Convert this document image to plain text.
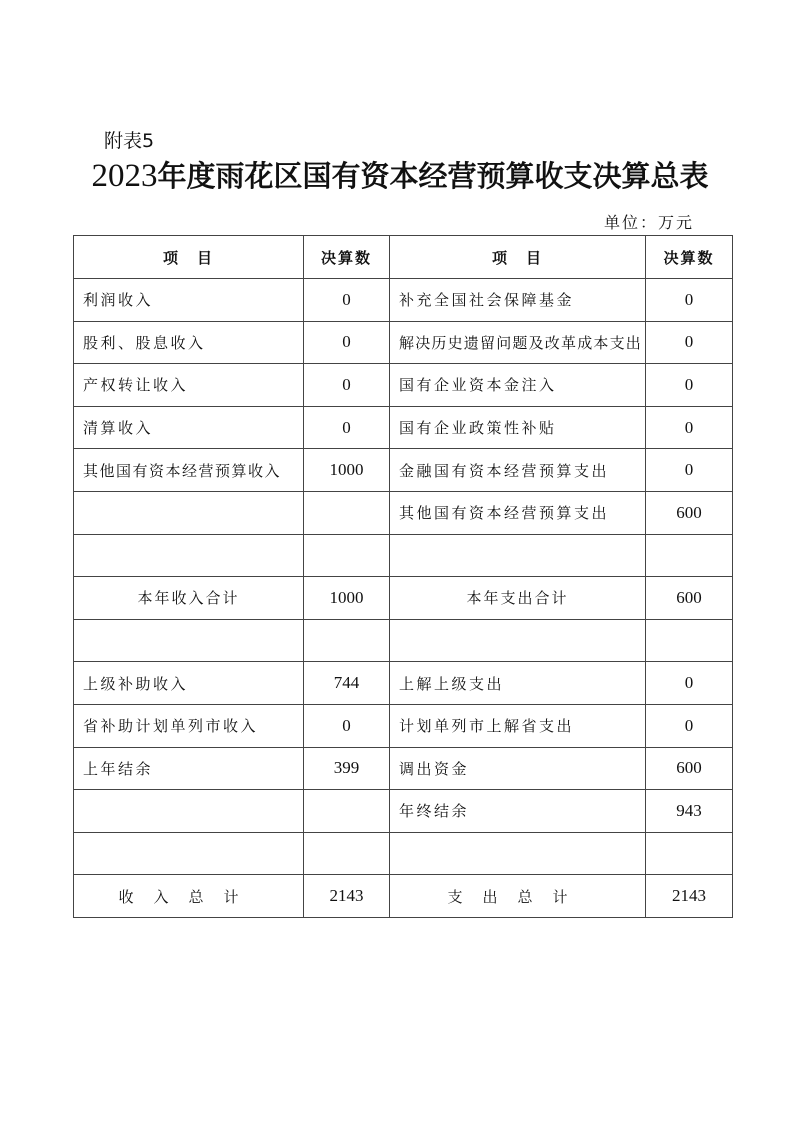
附表5
2023年度雨花区国有资本经营预算收支决算总表
单位：万元
项　目	决算数	项　目	决算数
利润收入	0	补充全国社会保障基金	0
股利、股息收入	0	解决历史遗留问题及改革成本支出	0
产权转让收入	0	国有企业资本金注入	0
清算收入	0	国有企业政策性补贴	0
其他国有资本经营预算收入	1000	金融国有资本经营预算支出	0
		其他国有资本经营预算支出	600

本年收入合计	1000	本年支出合计	600

上级补助收入	744	上解上级支出	0
省补助计划单列市收入	0	计划单列市上解省支出	0
上年结余	399	调出资金	600
		年终结余	943

收入总计	2143	支出总计	2143
